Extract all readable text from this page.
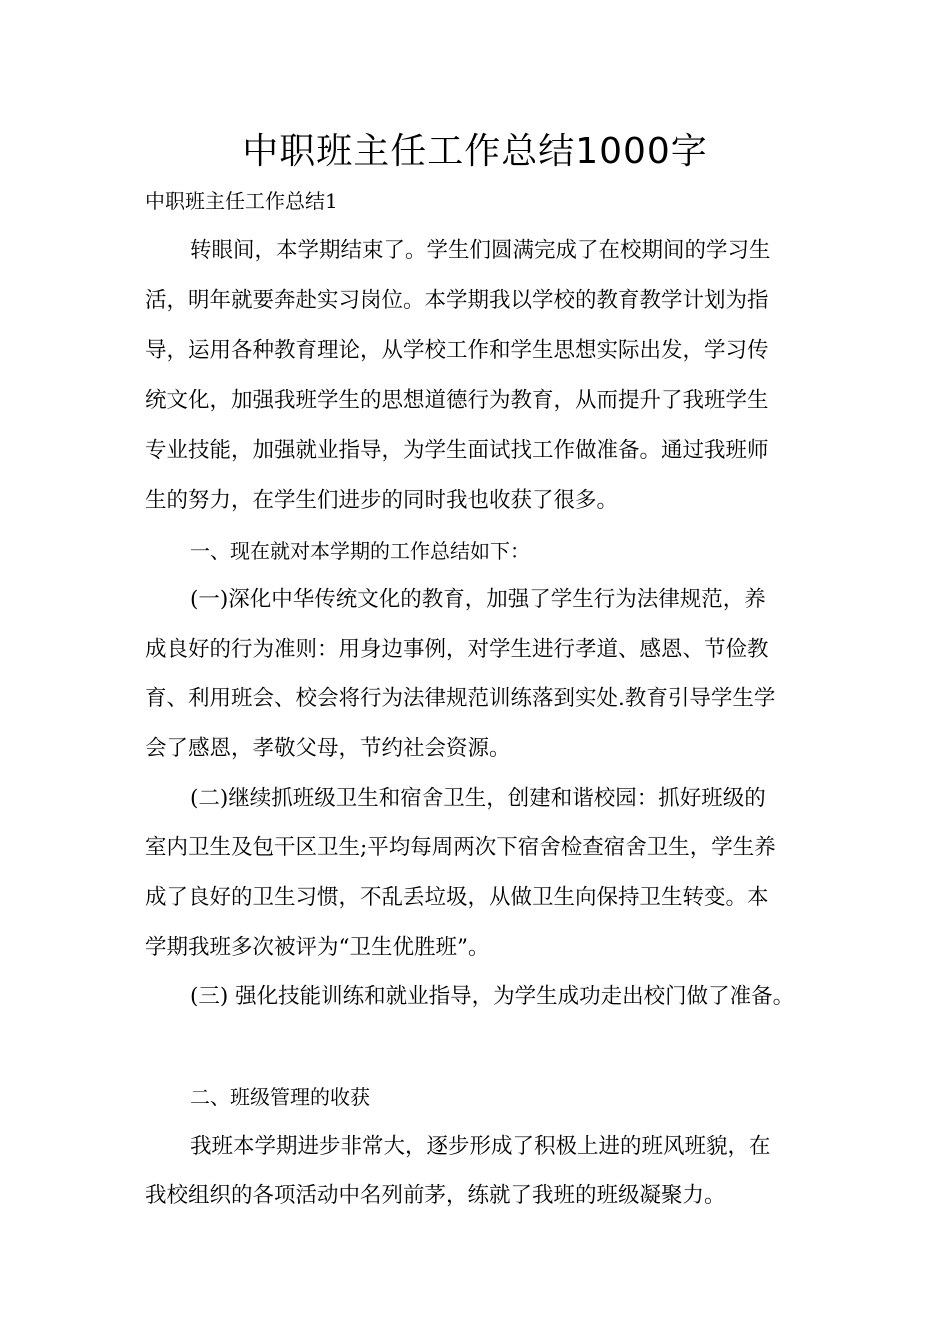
中职班主任工作总结1000字

中职班主任工作总结1

转眼间，本学期结束了。学生们圆满完成了在校期间的学习生

活，明年就要奔赴实习岗位。本学期我以学校的教育教学计划为指

导，运用各种教育理论，从学校工作和学生思想实际出发，学习传

统文化，加强我班学生的思想道德行为教育，从而提升了我班学生

专业技能，加强就业指导，为学生面试找工作做准备。通过我班师

生的努力，在学生们进步的同时我也收获了很多。

一、现在就对本学期的工作总结如下：

(一)深化中华传统文化的教育，加强了学生行为法律规范，养

成良好的行为准则：用身边事例，对学生进行孝道、感恩、节俭教

育、利用班会、校会将行为法律规范训练落到实处.教育引导学生学

会了感恩，孝敬父母，节约社会资源。

(二)继续抓班级卫生和宿舍卫生，创建和谐校园：抓好班级的

室内卫生及包干区卫生;平均每周两次下宿舍检查宿舍卫生，学生养

成了良好的卫生习惯，不乱丢垃圾，从做卫生向保持卫生转变。本

学期我班多次被评为“卫生优胜班”。

(三) 强化技能训练和就业指导，为学生成功走出校门做了准备。

二、班级管理的收获

我班本学期进步非常大，逐步形成了积极上进的班风班貌，在

我校组织的各项活动中名列前茅，练就了我班的班级凝聚力。
